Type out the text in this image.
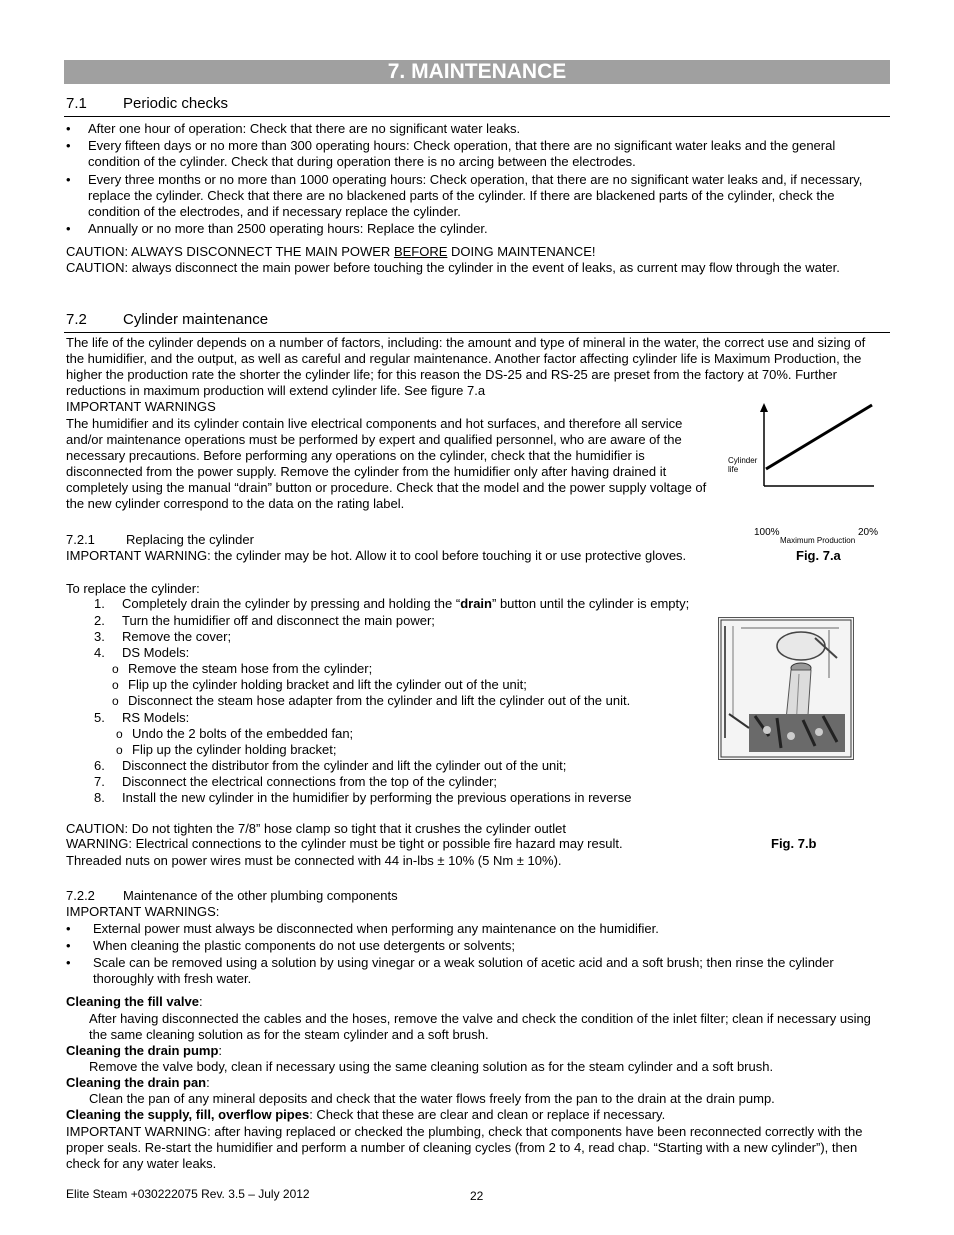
7. MAINTENANCE
7.1 Periodic checks
• After one hour of operation: Check that there are no significant water leaks.
• Every fifteen days or no more than 300 operating hours: Check operation, that there are no significant water leaks and the general condition of the cylinder. Check that during operation there is no arcing between the electrodes.
• Every three months or no more than 1000 operating hours: Check operation, that there are no significant water leaks and, if necessary, replace the cylinder. Check that there are no blackened parts of the cylinder. If there are blackened parts of the cylinder, check the condition of the electrodes, and if necessary replace the cylinder.
• Annually or no more than 2500 operating hours: Replace the cylinder.
CAUTION: ALWAYS DISCONNECT THE MAIN POWER BEFORE DOING MAINTENANCE!
CAUTION: always disconnect the main power before touching the cylinder in the event of leaks, as current may flow through the water.
7.2 Cylinder maintenance
The life of the cylinder depends on a number of factors, including: the amount and type of mineral in the water, the correct use and sizing of the humidifier, and the output, as well as careful and regular maintenance. Another factor affecting cylinder life is Maximum Production, the higher the production rate the shorter the cylinder life; for this reason the DS-25 and RS-25 are preset from the factory at 70%. Further reductions in maximum production will extend cylinder life. See figure 7.a
IMPORTANT WARNINGS
The humidifier and its cylinder contain live electrical components and hot surfaces, and therefore all service and/or maintenance operations must be performed by expert and qualified personnel, who are aware of the necessary precautions. Before performing any operations on the cylinder, check that the humidifier is disconnected from the power supply. Remove the cylinder from the humidifier only after having drained it completely using the manual “drain” button or procedure. Check that the model and the power supply voltage of the new cylinder correspond to the data on the rating label.
Cylinder
life
100%	20%
Maximum Production
Fig. 7.a
7.2.1 Replacing the cylinder
IMPORTANT WARNING: the cylinder may be hot. Allow it to cool before touching it or use protective gloves.
To replace the cylinder:
1. Completely drain the cylinder by pressing and holding the “drain” button until the cylinder is empty;
2. Turn the humidifier off and disconnect the main power;
3. Remove the cover;
4. DS Models:
o Remove the steam hose from the cylinder;
o Flip up the cylinder holding bracket and lift the cylinder out of the unit;
o Disconnect the steam hose adapter from the cylinder and lift the cylinder out of the unit.
5. RS Models:
o Undo the 2 bolts of the embedded fan;
o Flip up the cylinder holding bracket;
6. Disconnect the distributor from the cylinder and lift the cylinder out of the unit;
7. Disconnect the electrical connections from the top of the cylinder;
8. Install the new cylinder in the humidifier by performing the previous operations in reverse
CAUTION: Do not tighten the 7/8” hose clamp so tight that it crushes the cylinder outlet
WARNING: Electrical connections to the cylinder must be tight or possible fire hazard may result.	Fig. 7.b
Threaded nuts on power wires must be connected with 44 in-lbs ± 10% (5 Nm ± 10%).
7.2.2 Maintenance of the other plumbing components
IMPORTANT WARNINGS:
• External power must always be disconnected when performing any maintenance on the humidifier.
• When cleaning the plastic components do not use detergents or solvents;
• Scale can be removed using a solution by using vinegar or a weak solution of acetic acid and a soft brush; then rinse the cylinder thoroughly with fresh water.
Cleaning the fill valve:
After having disconnected the cables and the hoses, remove the valve and check the condition of the inlet filter; clean if necessary using the same cleaning solution as for the steam cylinder and a soft brush.
Cleaning the drain pump:
Remove the valve body, clean if necessary using the same cleaning solution as for the steam cylinder and a soft brush.
Cleaning the drain pan:
Clean the pan of any mineral deposits and check that the water flows freely from the pan to the drain at the drain pump.
Cleaning the supply, fill, overflow pipes: Check that these are clear and clean or replace if necessary.
IMPORTANT WARNING: after having replaced or checked the plumbing, check that components have been reconnected correctly with the proper seals. Re-start the humidifier and perform a number of cleaning cycles (from 2 to 4, read chap. “Starting with a new cylinder”), then check for any water leaks.
Elite Steam +030222075 Rev. 3.5 – July 2012	22
